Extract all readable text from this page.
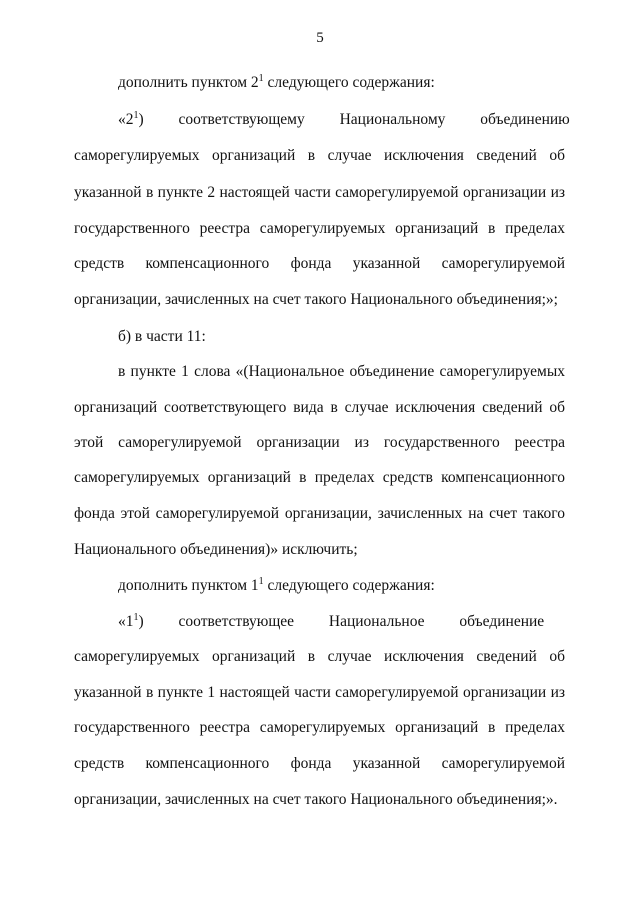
5
дополнить пунктом $2^1$ следующего содержания:
«$2^1$)         соответствующему         Национальному         объединению
саморегулируемых организаций в случае исключения сведений об
указанной в пункте 2 настоящей части саморегулируемой организации из
государственного реестра саморегулируемых организаций в пределах
средств компенсационного фонда указанной саморегулируемой
организации, зачисленных на счет такого Национального объединения;»;
б) в части 11:
в пункте 1 слова «(Национальное объединение саморегулируемых
организаций соответствующего вида в случае исключения сведений об
этой саморегулируемой организации из государственного реестра
саморегулируемых организаций в пределах средств компенсационного
фонда этой саморегулируемой организации, зачисленных на счет такого
Национального объединения)» исключить;
дополнить пунктом $1^1$ следующего содержания:
«$1^1$)         соответствующее         Национальное         объединение
саморегулируемых организаций в случае исключения сведений об
указанной в пункте 1 настоящей части саморегулируемой организации из
государственного реестра саморегулируемых организаций в пределах
средств компенсационного фонда указанной саморегулируемой
организации, зачисленных на счет такого Национального объединения;».
